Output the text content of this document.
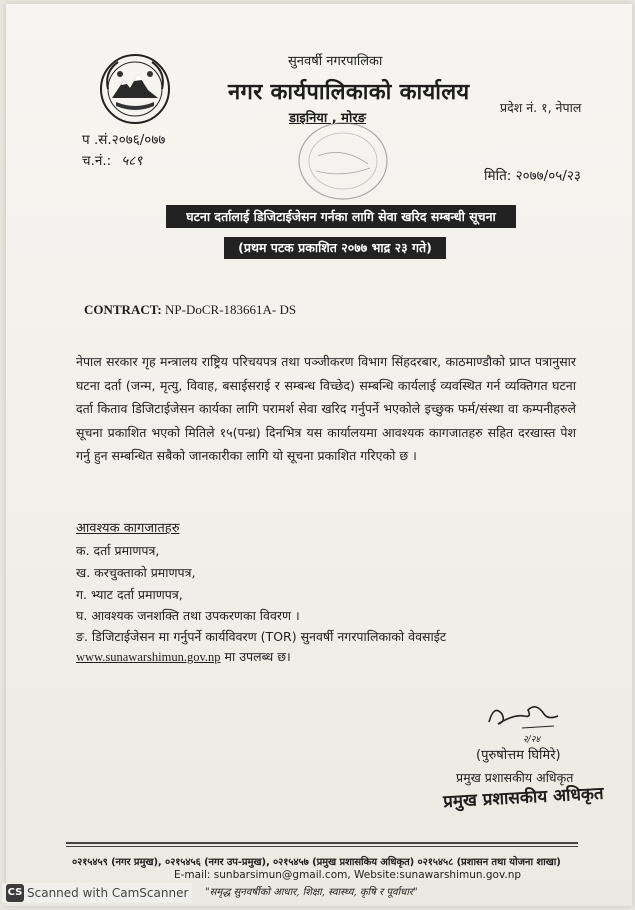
सुनवर्षी नगरपालिका
नगर कार्यपालिकाको कार्यालय
डाइनिया , मोरङ
प्रदेश नं. १, नेपाल
प .सं.२०७६/०७७
च.नं.: ५८९
मिति: २०७७/०५/२३
घटना दर्तालाई डिजिटाईजेसन गर्नका लागि सेवा खरिद सम्बन्धी सूचना
(प्रथम पटक प्रकाशित २०७७ भाद्र २३ गते)
CONTRACT: NP-DoCR-183661A- DS
नेपाल सरकार गृह मन्त्रालय राष्ट्रिय परिचयपत्र तथा पञ्जीकरण विभाग सिंहदरबार, काठमाण्डौको प्राप्त पत्रानुसार घटना दर्ता (जन्म, मृत्यु, विवाह, बसाईसराई र सम्बन्ध विच्छेद) सम्बन्धि कार्यलाई व्यवस्थित गर्न व्यक्तिगत घटना दर्ता किताव डिजिटाईजेसन कार्यका लागि परामर्श सेवा खरिद गर्नुपर्ने भएकोले इच्छुक फर्म/संस्था वा कम्पनीहरुले सूचना प्रकाशित भएको मितिले १५(पन्ध्र) दिनभित्र यस कार्यालयमा आवश्यक कागजातहरु सहित दरखास्त पेश गर्नु हुन सम्बन्धित सबैको जानकारीका लागि यो सूचना प्रकाशित गरिएको छ ।
आवश्यक कागजातहरु
क. दर्ता प्रमाणपत्र,
ख. करचुक्ताको प्रमाणपत्र,
ग. भ्याट दर्ता प्रमाणपत्र,
घ. आवश्यक जनशक्ति तथा उपकरणका विवरण ।
ङ. डिजिटाईजेसन मा गर्नुपर्ने कार्यविवरण (TOR) सुनवर्षी नगरपालिकाको वेवसाईट
www.sunawarshimun.gov.np मा उपलब्ध छ।
२/२४
(पुरुषोत्तम घिमिरे)
प्रमुख प्रशासकीय अधिकृत
प्रमुख प्रशासकीय अधिकृत
०२१५४५९ (नगर प्रमुख), ०२१५४५६ (नगर उप-प्रमुख), ०२१५४५७ (प्रमुख प्रशासकिय अधिकृत) ०२१५४५८ (प्रशासन तथा योजना शाखा)
E-mail: sunbarsimun@gmail.com, Website:sunawarshimun.gov.np
"समृद्ध सुनवर्षीको आधार, शिक्षा, स्वास्थ्य, कृषि र पूर्वाधार"
CS Scanned with CamScanner
